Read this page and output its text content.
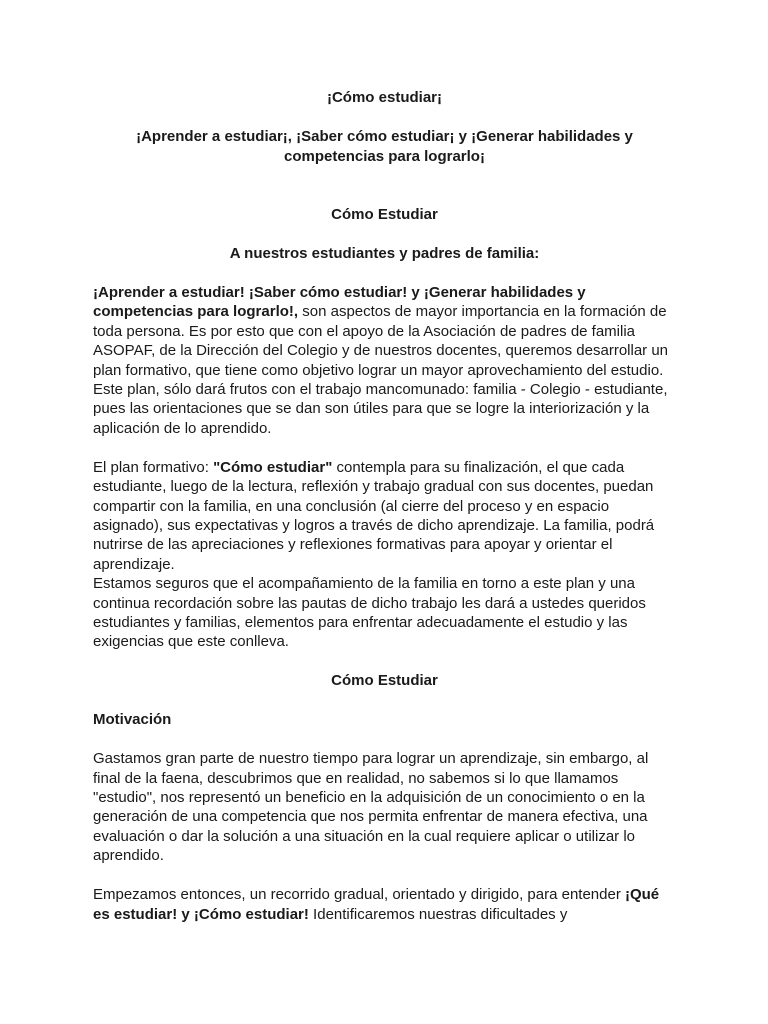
¡Cómo estudiar¡

¡Aprender a estudiar¡, ¡Saber cómo estudiar¡ y ¡Generar habilidades y competencias para lograrlo¡

Cómo Estudiar

A nuestros estudiantes y padres de familia:

¡Aprender a estudiar! ¡Saber cómo estudiar! y ¡Generar habilidades y competencias para lograrlo!, son aspectos de mayor importancia en la formación de toda persona. Es por esto que con el apoyo de la Asociación de padres de familia ASOPAF, de la Dirección del Colegio y de nuestros docentes, queremos desarrollar un plan formativo, que tiene como objetivo lograr un mayor aprovechamiento del estudio. Este plan, sólo dará frutos con el trabajo mancomunado: familia - Colegio - estudiante, pues las orientaciones que se dan son útiles para que se logre la interiorización y la aplicación de lo aprendido.

El plan formativo: "Cómo estudiar" contempla para su finalización, el que cada estudiante, luego de la lectura, reflexión y trabajo gradual con sus docentes, puedan compartir con la familia, en una conclusión (al cierre del proceso y en espacio asignado), sus expectativas y logros a través de dicho aprendizaje. La familia, podrá nutrirse de las apreciaciones y reflexiones formativas para apoyar y orientar el aprendizaje.

Estamos seguros que el acompañamiento de la familia en torno a este plan y una continua recordación sobre las pautas de dicho trabajo les dará a ustedes queridos estudiantes y familias, elementos para enfrentar adecuadamente el estudio y las exigencias que este conlleva.

Cómo Estudiar

Motivación

Gastamos gran parte de nuestro tiempo para lograr un aprendizaje, sin embargo, al final de la faena, descubrimos que en realidad, no sabemos si lo que llamamos "estudio", nos representó un beneficio en la adquisición de un conocimiento o en la generación de una competencia que nos permita enfrentar de manera efectiva, una evaluación o dar la solución a una situación en la cual requiere aplicar o utilizar lo aprendido.

Empezamos entonces, un recorrido gradual, orientado y dirigido, para entender ¡Qué es estudiar! y ¡Cómo estudiar! Identificaremos nuestras dificultades y
